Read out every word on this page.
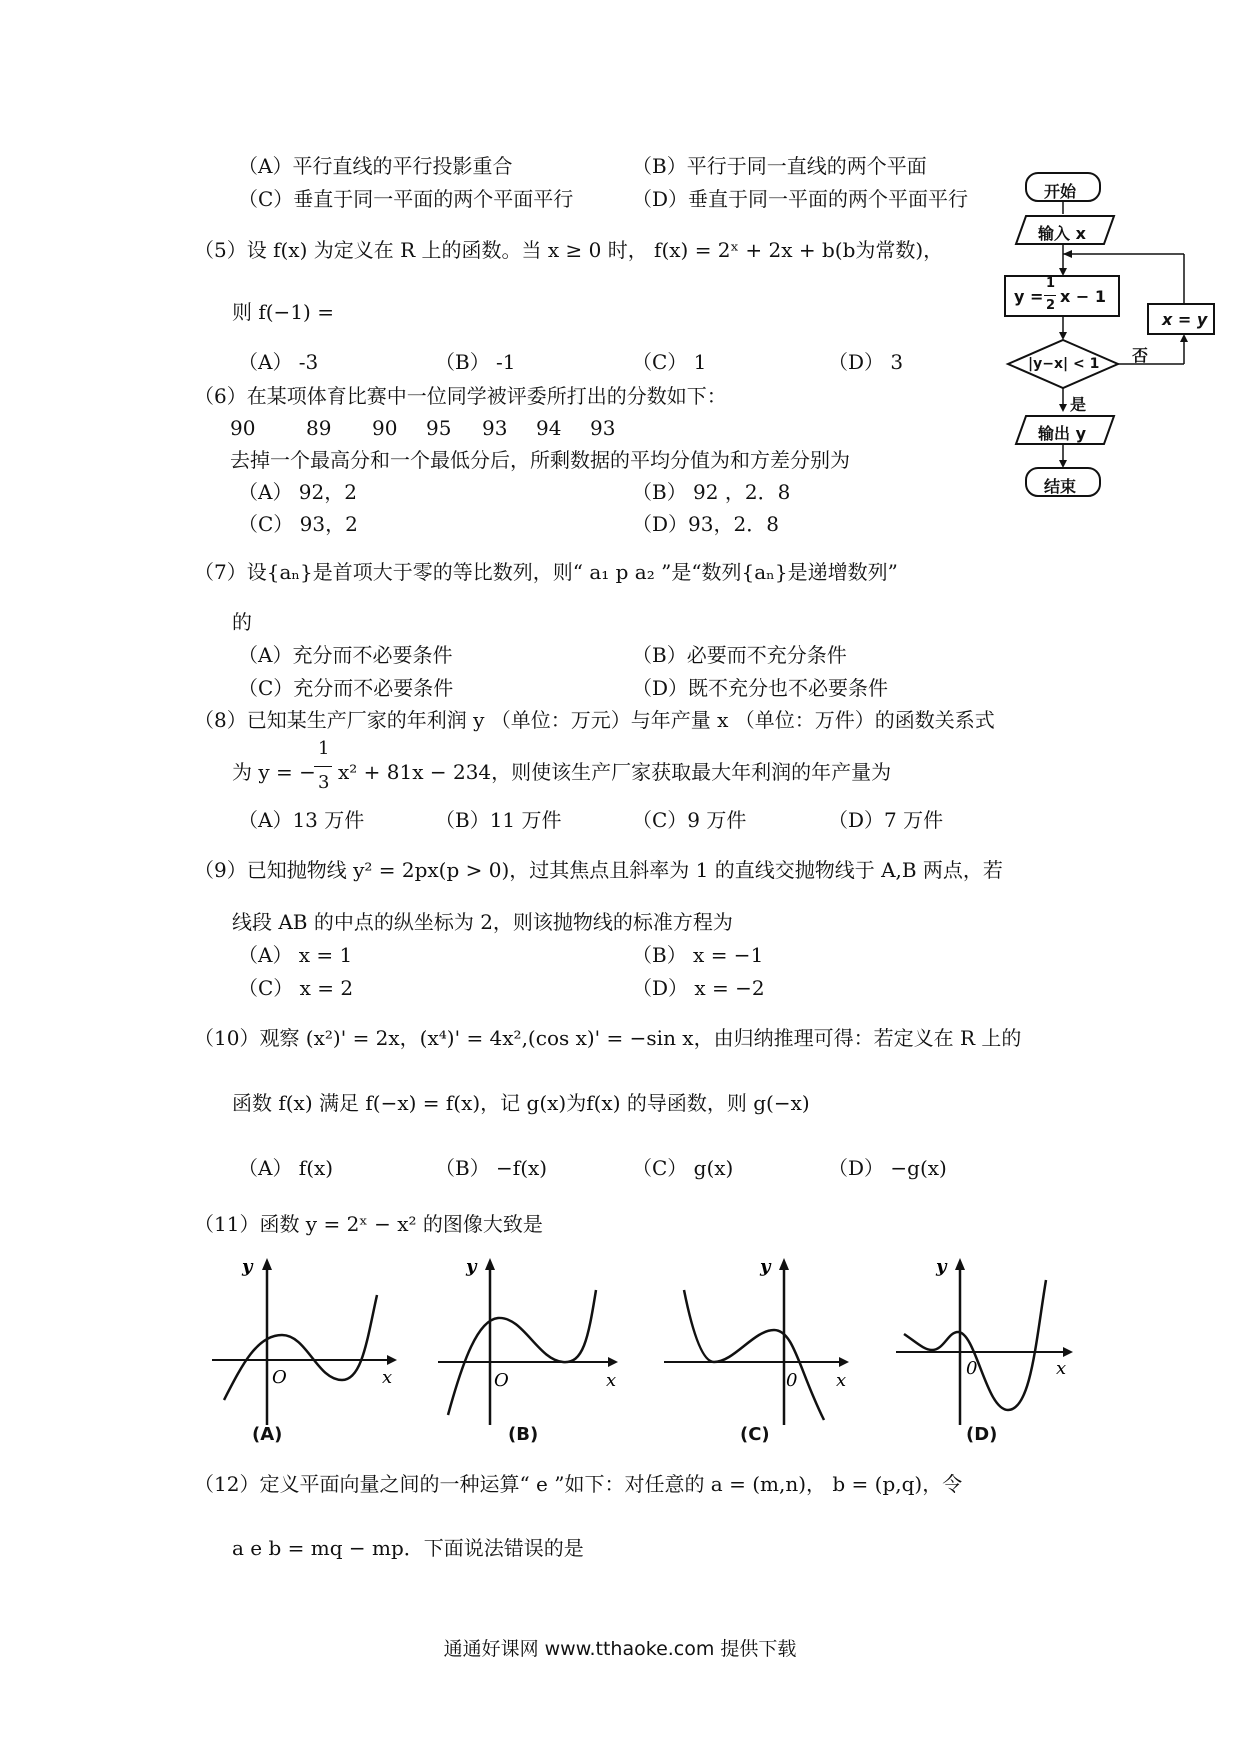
（A）平行直线的平行投影重合	（B）平行于同一直线的两个平面
（C）垂直于同一平面的两个平面平行	（D）垂直于同一平面的两个平面平行
（5）设 f(x) 为定义在 R 上的函数。当 x ≥ 0 时， f(x) = 2ˣ + 2x + b(b为常数)，
则 f(−1) =
（A） -3	（B） -1	（C） 1	（D） 3
（6）在某项体育比赛中一位同学被评委所打出的分数如下：
90	89 90 95 93 94 93
去掉一个最高分和一个最低分后，所剩数据的平均分值为和方差分别为
（A） 92，2	（B） 92 ，2．8
（C） 93，2	（D）93，2．8
（7）设{aₙ}是首项大于零的等比数列，则“ a₁ p a₂ ”是“数列{aₙ}是递增数列”
的
（A）充分而不必要条件	（B）必要而不充分条件
（C）充分而不必要条件	（D）既不充分也不必要条件
（8）已知某生产厂家的年利润 y （单位：万元）与年产量 x （单位：万件）的函数关系式
为 y = −
1
3 x² + 81x − 234，则使该生产厂家获取最大年利润的年产量为
（A）13 万件	（B）11 万件	（C）9 万件	（D）7 万件
（9）已知抛物线 y² = 2px(p > 0)，过其焦点且斜率为 1 的直线交抛物线于 A,B 两点，若
线段 AB 的中点的纵坐标为 2，则该抛物线的标准方程为
（A） x = 1	（B） x = −1
（C） x = 2	（D） x = −2
（10）观察 (x²)' = 2x，(x⁴)' = 4x²,(cos x)' = −sin x，由归纳推理可得：若定义在 R 上的
函数 f(x) 满足 f(−x) = f(x)，记 g(x)为f(x) 的导函数，则 g(−x)
（A） f(x)	（B） −f(x)	（C） g(x)	（D） −g(x)
（11）函数 y = 2ˣ − x² 的图像大致是
y
O	x
(A)
y
O	x
(B)
y
0 x
(C)
y
0	x
(D)
（12）定义平面向量之间的一种运算“ e ”如下：对任意的 a = (m,n)， b = (p,q)，令
a e b = mq − mp．下面说法错误的是
开始
输入 x
y =
1
2 x − 1
x = y
|y−x| < 1 否
是
输出 y
结束
通通好课网 www.tthaoke.com 提供下载
